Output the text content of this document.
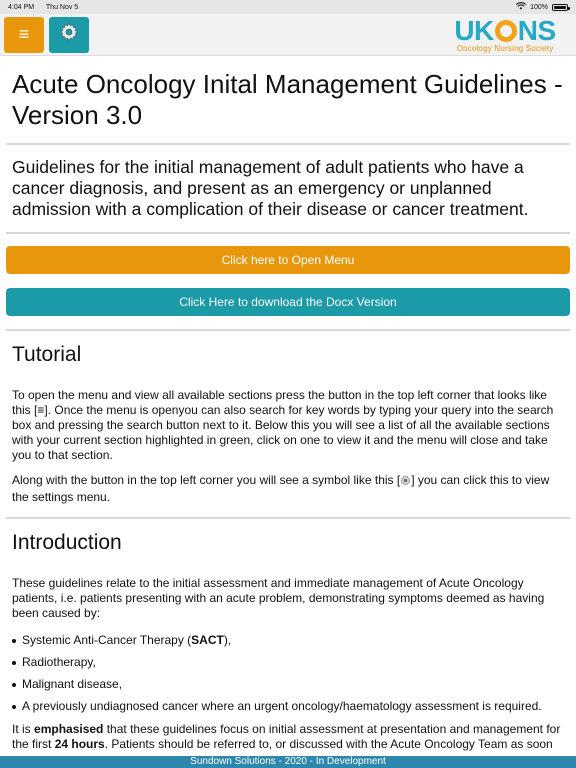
4:04 PM Thu Nov 5	100%
≡	UK NS
Oncology Nursing Society
Acute Oncology Inital Management Guidelines - Version 3.0

Guidelines for the initial management of adult patients who have a cancer diagnosis, and present as an emergency or unplanned admission with a complication of their disease or cancer treatment.

Click here to Open Menu
Click Here to download the Docx Version
Tutorial

To open the menu and view all available sections press the button in the top left corner that looks like this [≡]. Once the menu is openyou can also search for key words by typing your query into the search box and pressing the search button next to it. Below this you will see a list of all the available sections with your current section highlighted in green, click on one to view it and the menu will close and take you to that section.

Along with the button in the top left corner you will see a symbol like this [ ] you can click this to view the settings menu.

Introduction

These guidelines relate to the initial assessment and immediate management of Acute Oncology patients, i.e. patients presenting with an acute problem, demonstrating symptoms deemed as having been caused by:

Systemic Anti-Cancer Therapy (SACT),
Radiotherapy,
Malignant disease,
A previously undiagnosed cancer where an urgent oncology/haematology assessment is required.

It is emphasised that these guidelines focus on initial assessment at presentation and management for the first 24 hours. Patients should be referred to, or discussed with the Acute Oncology Team as soon

Sundown Solutions - 2020 - In Development
